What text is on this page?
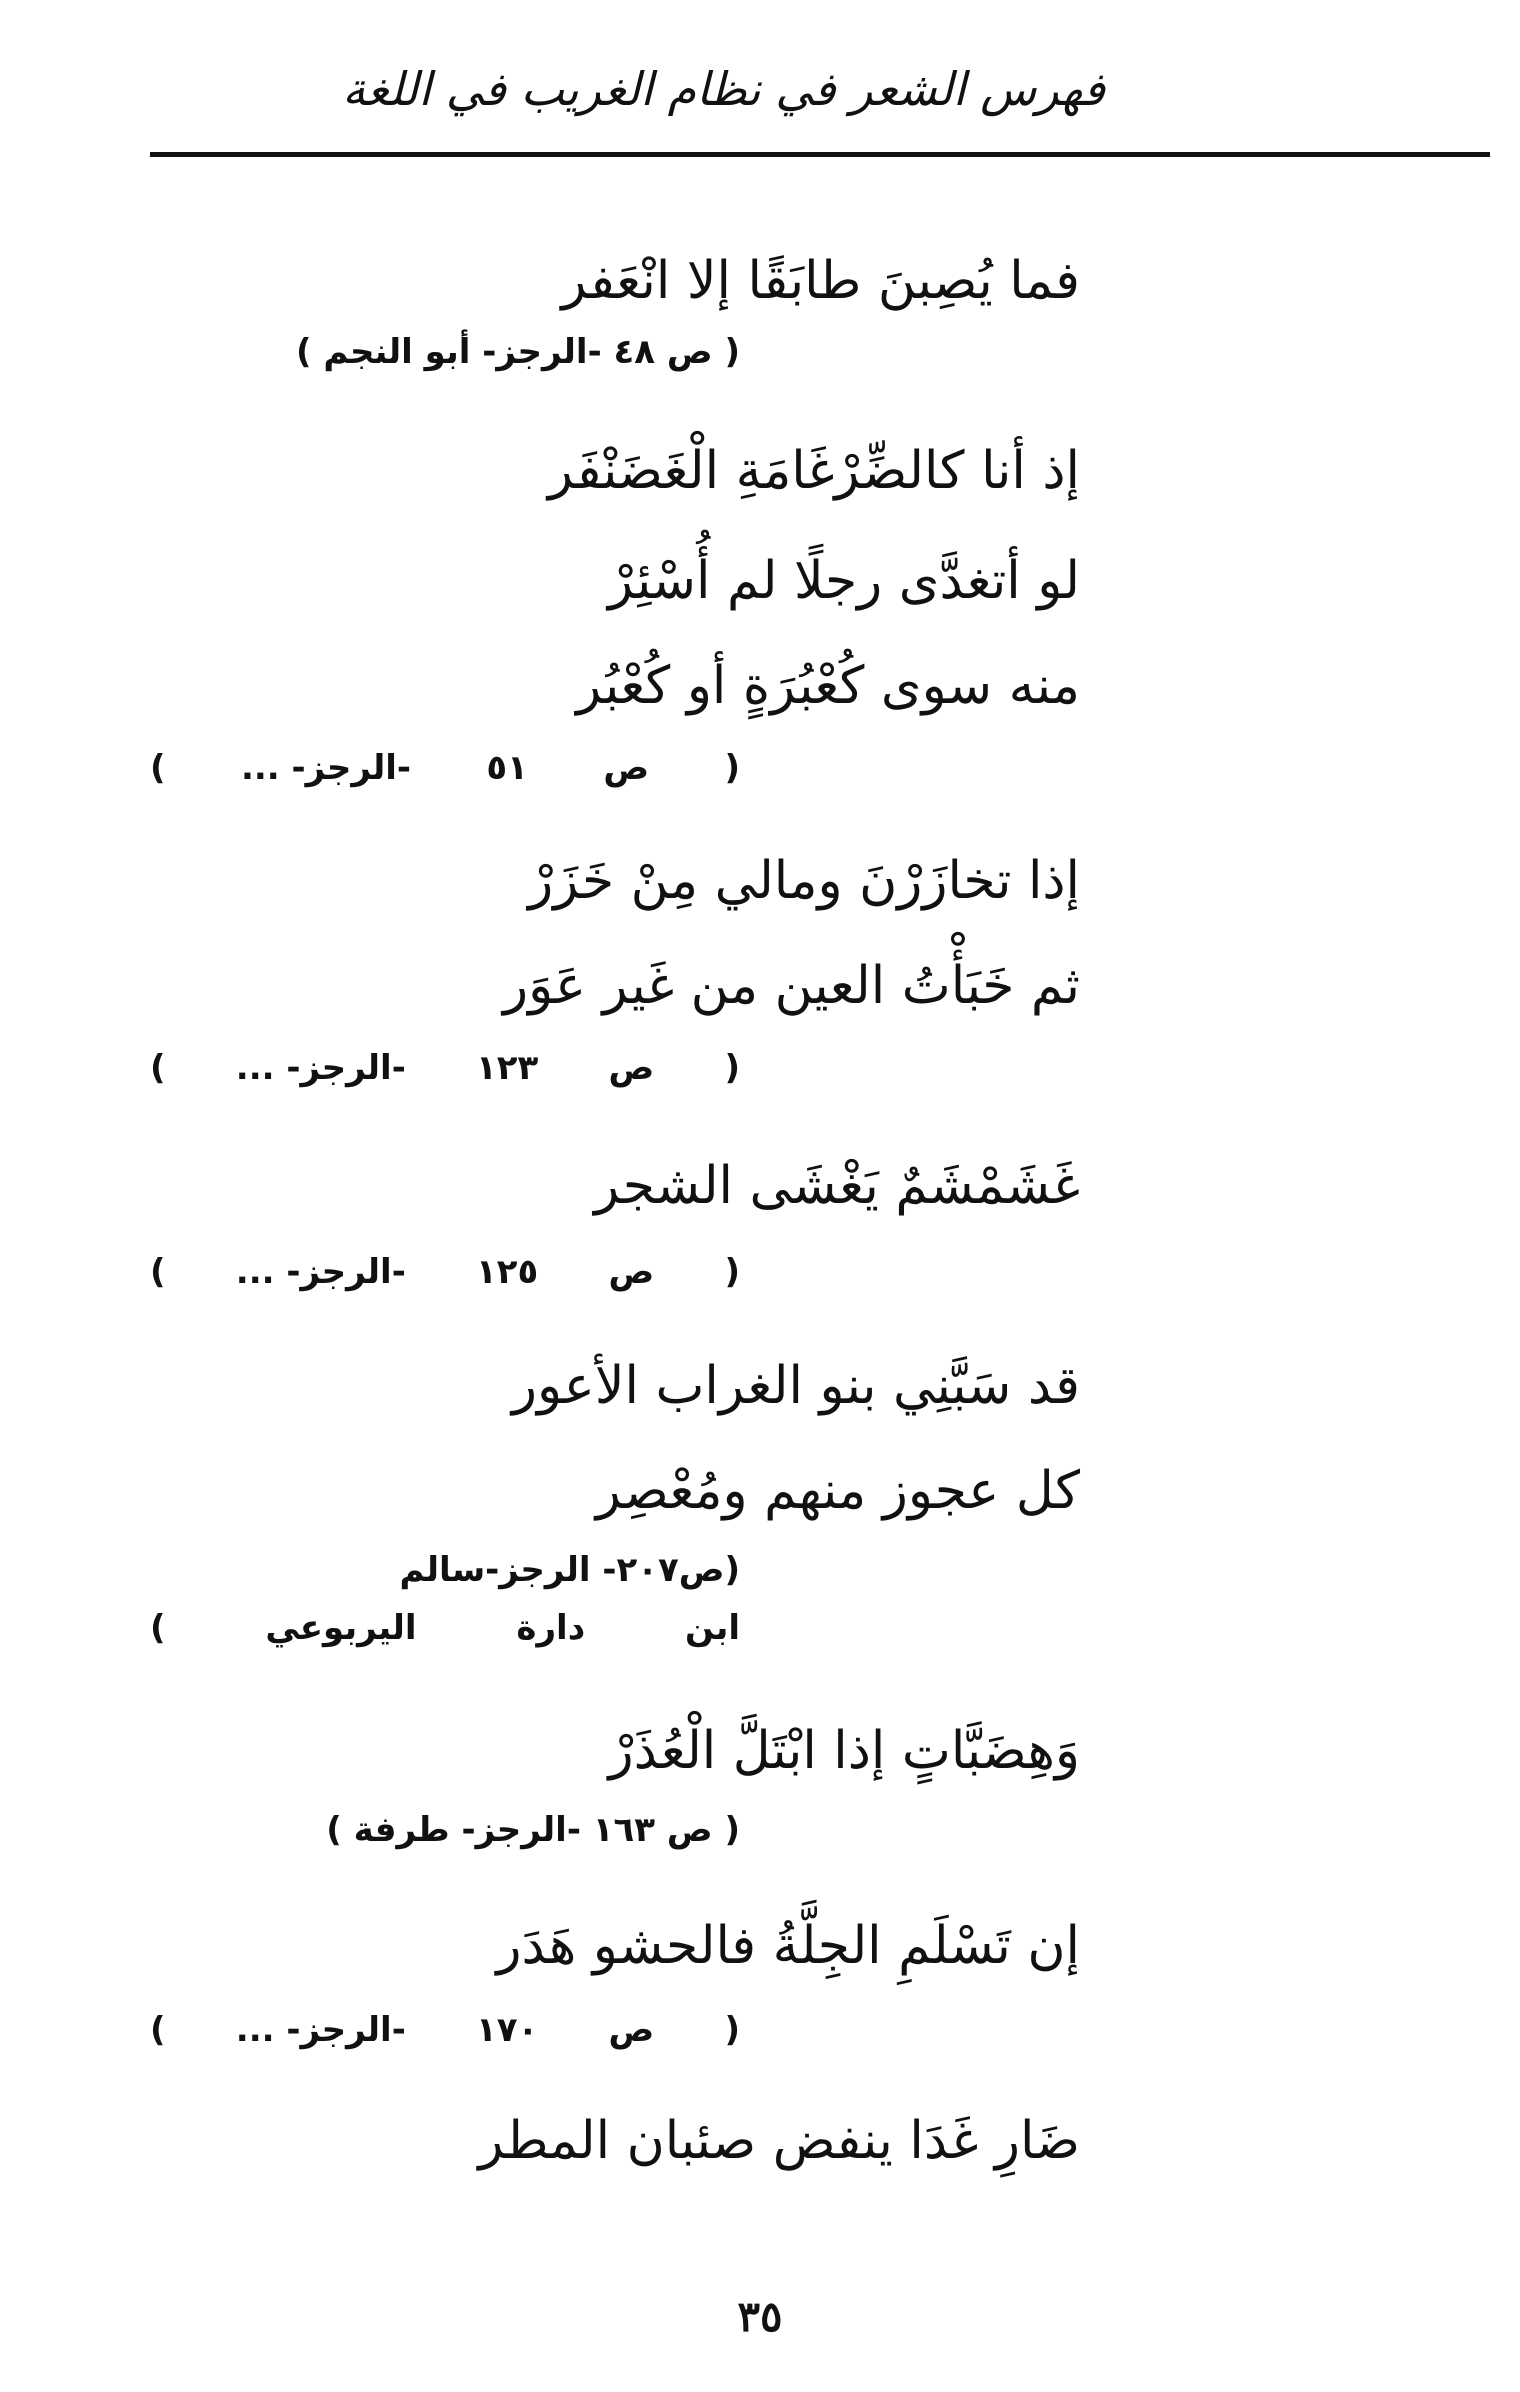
فهرس الشعر في نظام الغريب في اللغة
فما يُصِبنَ طابَقًا إلا انْعَفر
( ص ٤٨ -الرجز- أبو النجم )
إذ أنا كالضِّرْغَامَةِ الْغَضَنْفَر
لو أتغدَّى رجلًا لم أُسْئِرْ
منه سوى كُعْبُرَةٍ أو كُعْبُر
(
ص
٥١
-الرجز- ...
)
إذا تخازَرْنَ ومالي مِنْ خَزَرْ
ثم خَبَأْتُ العين من غَير عَوَر
(
ص
١٢٣
-الرجز- ...
)
غَشَمْشَمٌ يَغْشَى الشجر
(
ص
١٢٥
-الرجز- ...
)
قد سَبَّنِي بنو الغراب الأعور
كل عجوز منهم ومُعْصِر
(ص٢٠٧- الرجز-سالم
ابن
دارة
اليربوعي
)
وَهِضَبَّاتٍ إذا ابْتَلَّ الْعُذَرْ
( ص ١٦٣ -الرجز- طرفة )
إن تَسْلَمِ الجِلَّةُ فالحشو هَدَر
(
ص
١٧٠
-الرجز- ...
)
ضَارِ غَدَا ينفض صئبان المطر
٣٥
